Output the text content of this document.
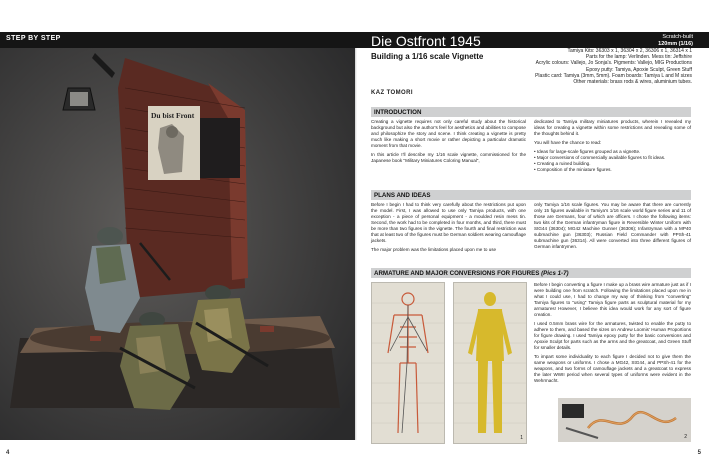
STEP BY STEP
Du bist Front
Die Ostfront 1945	Scratch-built
120mm (1/16)
Building a 1/16 scale Vignette
Tamiya Kits: 36303 x 1, 36304 x 2, 36306 x 1, 36314 x 1
Parts for the lamp: Verlinden. Mess tin: Jeffshire
Acrylic colours: Vallejo, Jo Sonja's. Pigments: Vallejo, MIG Productions
Epoxy putty: Tamiya, Apoxie Sculpt, Green Stuff
Plastic card: Tamiya (3mm, 5mm). Foam boards: Tamiya L and M sizes
Other materials: brass rods & wires, aluminium tubes.
KAZ TOMORI
INTRODUCTION

Creating a vignette requires not only careful study about the historical background but also the author's feel for aesthetics and abilities to compose and philosophize the story and scene. I think creating a vignette is pretty much like making a short movie or rather depicting a particular dramatic moment from that movie.

In this article I'll describe my 1/16 scale vignette, commissioned for the Japanese book "Military Miniatures Coloring Manual",

dedicated to Tamiya military miniatures products, wherein I revealed my ideas for creating a vignette within some restrictions and revealing some of the thoughts behind it.

You will have the chance to read:

• Ideas for large-scale figures grouped as a vignette.
• Major conversions of commercially available figures to fit ideas.
• Creating a ruined building.
• Composition of the miniature figures.
PLANS AND IDEAS

Before I begin I had to think very carefully about the restrictions put upon the model. First, I was allowed to use only Tamiya products, with one exception - a piece of personal equipment - a moulded resin mess tin. Second, the work had to be completed in four months, and third, there must be more than two figures in the vignette. The fourth and final restriction was that at least two of the figures must be German soldiers wearing camouflage jackets.

The major problem was the limitations placed upon me to use

only Tamiya 1/16 scale figures. You may be aware that there are currently only 15 figures available in Tamiya's 1/16 scale world figure series and 11 of those are Germans, four of which are officers. I chose the following items: two kits of the German infantryman figure in Reversible Winter Uniform with StG44 (36304); MG42 Machine Gunner (36306); Infantryman with a MP40 submachine gun (36303); Russian Field Commander with PPSh-41 submachine gun (36314). All were converted into three different figures of German infantrymen.

ARMATURE AND MAJOR CONVERSIONS FOR FIGURES (Pics 1-7)
1

Before I begin converting a figure I make up a brass wire armature just as if I were building one from scratch. Following the limitations placed upon me in what I could use, I had to change my way of thinking from "converting" Tamiya figures to "using" Tamiya figure parts as sculptural material for my armatures! However, I believe this idea would work for any sort of figure creation.

I used 0.5mm brass wire for the armatures, twisted to enable the putty to adhere to them, and based the sizes on Andrew Loomis' Human Proportions for figure drawing. I used Tamiya epoxy putty for the basic conversions and Apoxie Sculpt for parts such as the arms and the greatcoat, and Green Stuff for smaller details.

To impart some individuality to each figure I decided not to give them the same weapons or uniforms. I chose a MG42, StG44, and PPSh-41 for the weapons, and two forms of camouflage jackets and a greatcoat to express the later WWII period when several types of uniforms were evident in the Wehrmacht.

2
4	5
